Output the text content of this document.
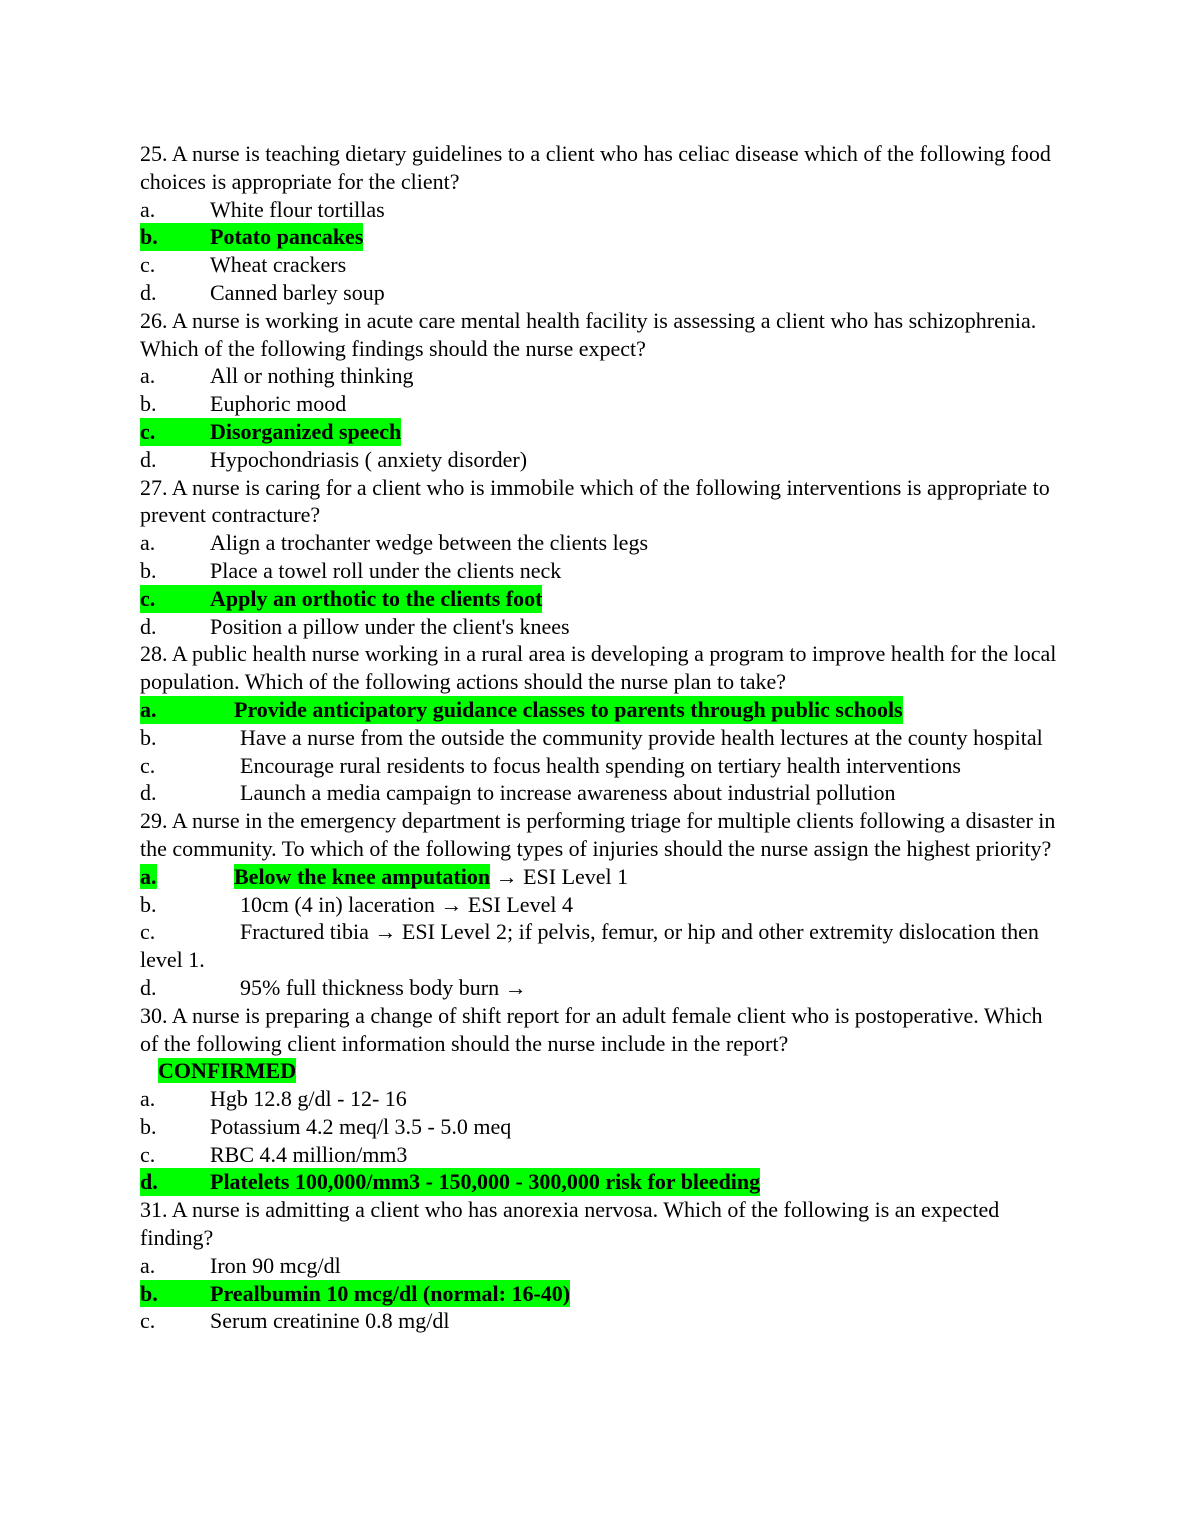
25. A nurse is teaching dietary guidelines to a client who has celiac disease which of the following food choices is appropriate for the client?
a. White flour tortillas
b. Potato pancakes
c. Wheat crackers
d. Canned barley soup
26. A nurse is working in acute care mental health facility is assessing a client who has schizophrenia. Which of the following findings should the nurse expect?
a. All or nothing thinking
b. Euphoric mood
c. Disorganized speech
d. Hypochondriasis ( anxiety disorder)
27. A nurse is caring for a client who is immobile which of the following interventions is appropriate to prevent contracture?
a. Align a trochanter wedge between the clients legs
b. Place a towel roll under the clients neck
c. Apply an orthotic to the clients foot
d. Position a pillow under the client's knees
28. A public health nurse working in a rural area is developing a program to improve health for the local population. Which of the following actions should the nurse plan to take?
a.	Provide anticipatory guidance classes to parents through public schools
b.	Have a nurse from the outside the community provide health lectures at the county hospital
c.	Encourage rural residents to focus health spending on tertiary health interventions
d.	Launch a media campaign to increase awareness about industrial pollution
29. A nurse in the emergency department is performing triage for multiple clients following a disaster in the community. To which of the following types of injuries should the nurse assign the highest priority?
a.	Below the knee amputation → ESI Level 1
b.	10cm (4 in) laceration → ESI Level 4
c.	Fractured tibia → ESI Level 2; if pelvis, femur, or hip and other extremity dislocation then level 1.
d.	95% full thickness body burn →
30. A nurse is preparing a change of shift report for an adult female client who is postoperative. Which of the following client information should the nurse include in the report?
CONFIRMED
a. Hgb 12.8 g/dl - 12- 16
b. Potassium 4.2 meq/l 3.5 - 5.0 meq
c. RBC 4.4 million/mm3
d. Platelets 100,000/mm3 - 150,000 - 300,000 risk for bleeding
31. A nurse is admitting a client who has anorexia nervosa. Which of the following is an expected finding?
a. Iron 90 mcg/dl
b. Prealbumin 10 mcg/dl (normal: 16-40)
c. Serum creatinine 0.8 mg/dl
